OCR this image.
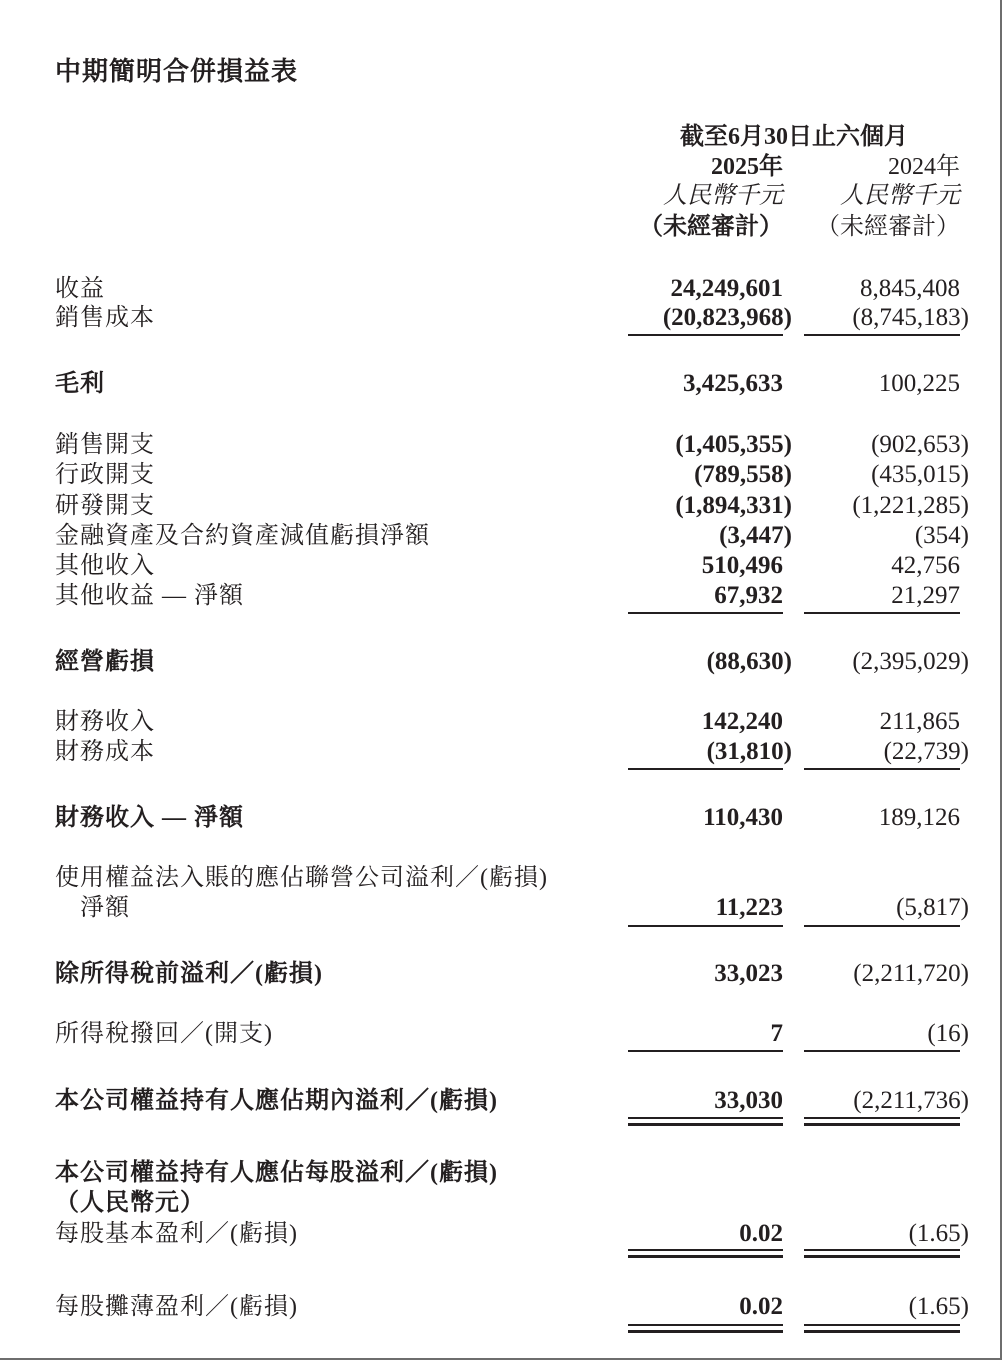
中期簡明合併損益表
截至6月30日止六個月
2025年	2024年
人民幣千元 人民幣千元
（未經審計） （未經審計）
收益	24,249,601	8,845,408
銷售成本	(20,823,968) (8,745,183)
毛利	3,425,633	100,225
銷售開支	(1,405,355)	(902,653)
行政開支	(789,558)	(435,015)
研發開支	(1,894,331) (1,221,285)
金融資產及合約資產減值虧損淨額	(3,447)	(354)
其他收入	510,496	42,756
其他收益 — 淨額	67,932	21,297
經營虧損	(88,630) (2,395,029)
財務收入	142,240	211,865
財務成本	(31,810)	(22,739)
財務收入 — 淨額	110,430	189,126
使用權益法入賬的應佔聯營公司溢利／(虧損)
淨額	11,223	(5,817)
除所得稅前溢利／(虧損)	33,023	(2,211,720)
所得稅撥回／(開支)	7	(16)
本公司權益持有人應佔期內溢利／(虧損)	33,030	(2,211,736)
本公司權益持有人應佔每股溢利／(虧損)
（人民幣元）
每股基本盈利／(虧損)	0.02	(1.65)
每股攤薄盈利／(虧損)	0.02	(1.65)
